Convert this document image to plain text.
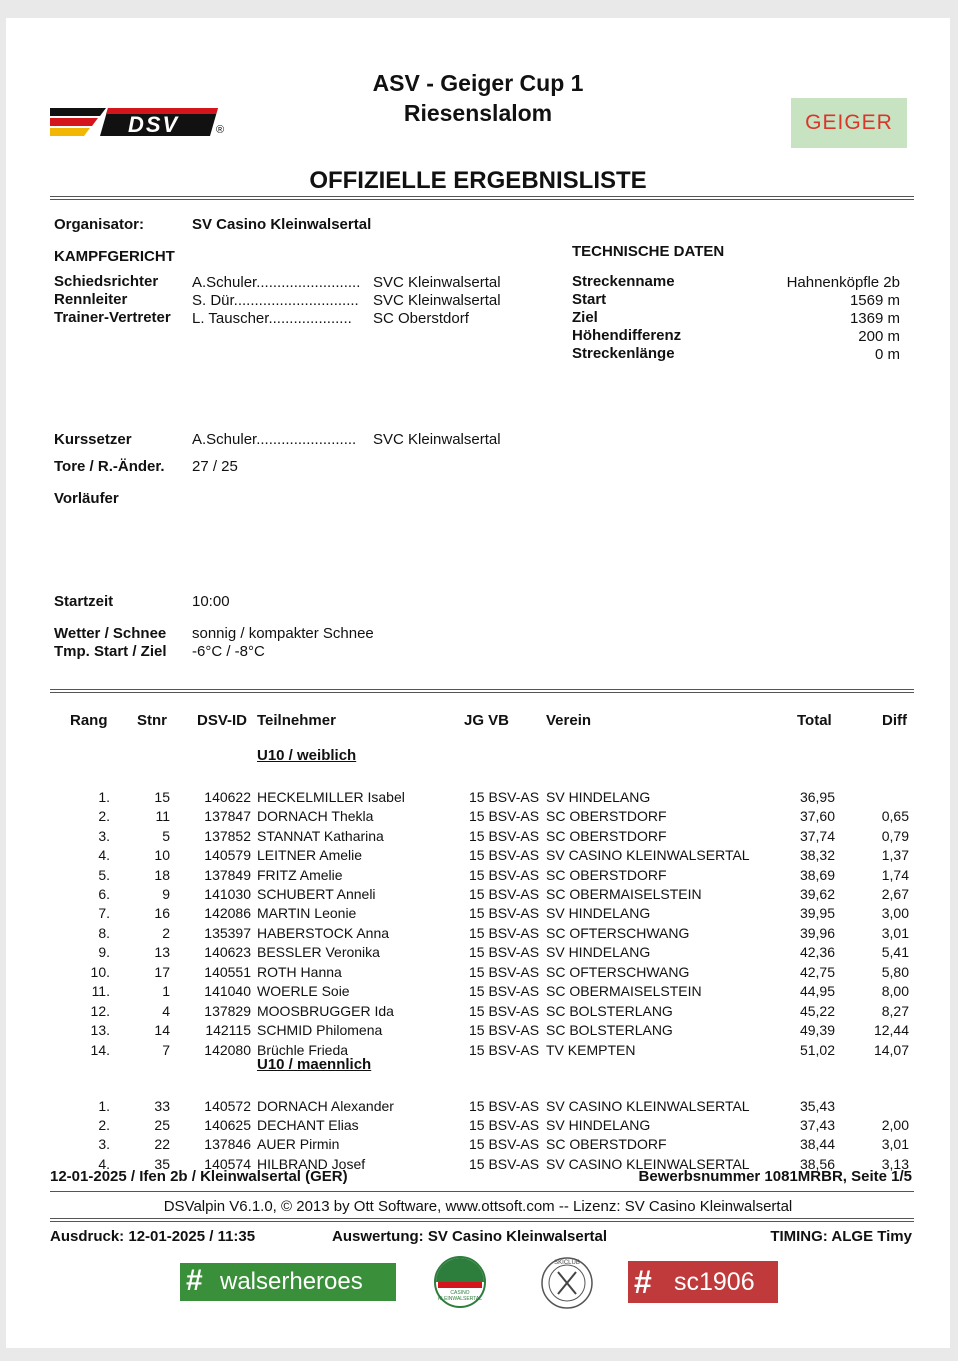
DSV	®
ASV - Geiger Cup 1
Riesenslalom	GEIGER
OFFIZIELLE ERGEBNISLISTE
Organisator:	SV Casino Kleinwalsertal
KAMPFGERICHT
Schiedsrichter A.Schuler......................... SVC Kleinwalsertal
Rennleiter	S. Dür.............................. SVC Kleinwalsertal
Trainer-Vertreter L. Tauscher.................... SC Oberstdorf
TECHNISCHE DATEN
Streckenname	Hahnenköpfle 2b
Start	1569 m
Ziel	1369 m
Höhendifferenz	200 m
Streckenlänge	0 m
Kurssetzer	A.Schuler........................ SVC Kleinwalsertal
Tore / R.-Änder. 27 / 25
Vorläufer
Startzeit	10:00
Wetter / Schnee sonnig / kompakter Schnee
Tmp. Start / Ziel -6°C / -8°C
Rang Stnr DSV-ID Teilnehmer	JG VB Verein	Total	Diff
U10 / weiblich
1.	15	140622 HECKELMILLER Isabel	15 BSV-AS SV HINDELANG	36,95
2.	11	137847 DORNACH Thekla	15 BSV-AS SC OBERSTDORF	37,60	0,65
3.	5	137852 STANNAT Katharina	15 BSV-AS SC OBERSTDORF	37,74	0,79
4.	10	140579 LEITNER Amelie	15 BSV-AS SV CASINO KLEINWALSERTAL	38,32	1,37
5.	18	137849 FRITZ Amelie	15 BSV-AS SC OBERSTDORF	38,69	1,74
6.	9	141030 SCHUBERT Anneli	15 BSV-AS SC OBERMAISELSTEIN	39,62	2,67
7.	16	142086 MARTIN Leonie	15 BSV-AS SV HINDELANG	39,95	3,00
8.	2	135397 HABERSTOCK Anna	15 BSV-AS SC OFTERSCHWANG	39,96	3,01
9.	13	140623 BESSLER Veronika	15 BSV-AS SV HINDELANG	42,36	5,41
10.	17	140551 ROTH Hanna	15 BSV-AS SC OFTERSCHWANG	42,75	5,80
11.	1	141040 WOERLE Soie	15 BSV-AS SC OBERMAISELSTEIN	44,95	8,00
12.	4	137829 MOOSBRUGGER Ida	15 BSV-AS SC BOLSTERLANG	45,22	8,27
13.	14	142115 SCHMID Philomena	15 BSV-AS SC BOLSTERLANG	49,39	12,44
14.	7	142080 Brüchle Frieda	15 BSV-AS TV KEMPTEN	51,02	14,07
U10 / maennlich
1.	33	140572 DORNACH Alexander	15 BSV-AS SV CASINO KLEINWALSERTAL	35,43
2.	25	140625 DECHANT Elias	15 BSV-AS SV HINDELANG	37,43	2,00
3.	22	137846 AUER Pirmin	15 BSV-AS SC OBERSTDORF	38,44	3,01
4.	35	140574 HILBRAND Josef	15 BSV-AS SV CASINO KLEINWALSERTAL	38,56	3,13
12-01-2025 / Ifen 2b / Kleinwalsertal (GER)	Bewerbsnummer 1081MRBR, Seite 1/5
DSValpin V6.1.0, © 2013 by Ott Software, www.ottsoft.com -- Lizenz: SV Casino Kleinwalsertal
Ausdruck: 12-01-2025 / 11:35	Auswertung: SV Casino Kleinwalsertal	TIMING: ALGE Timy
# walserheroes	CASINO KLEINWALSERTAL
SKICLUB
# sc1906
